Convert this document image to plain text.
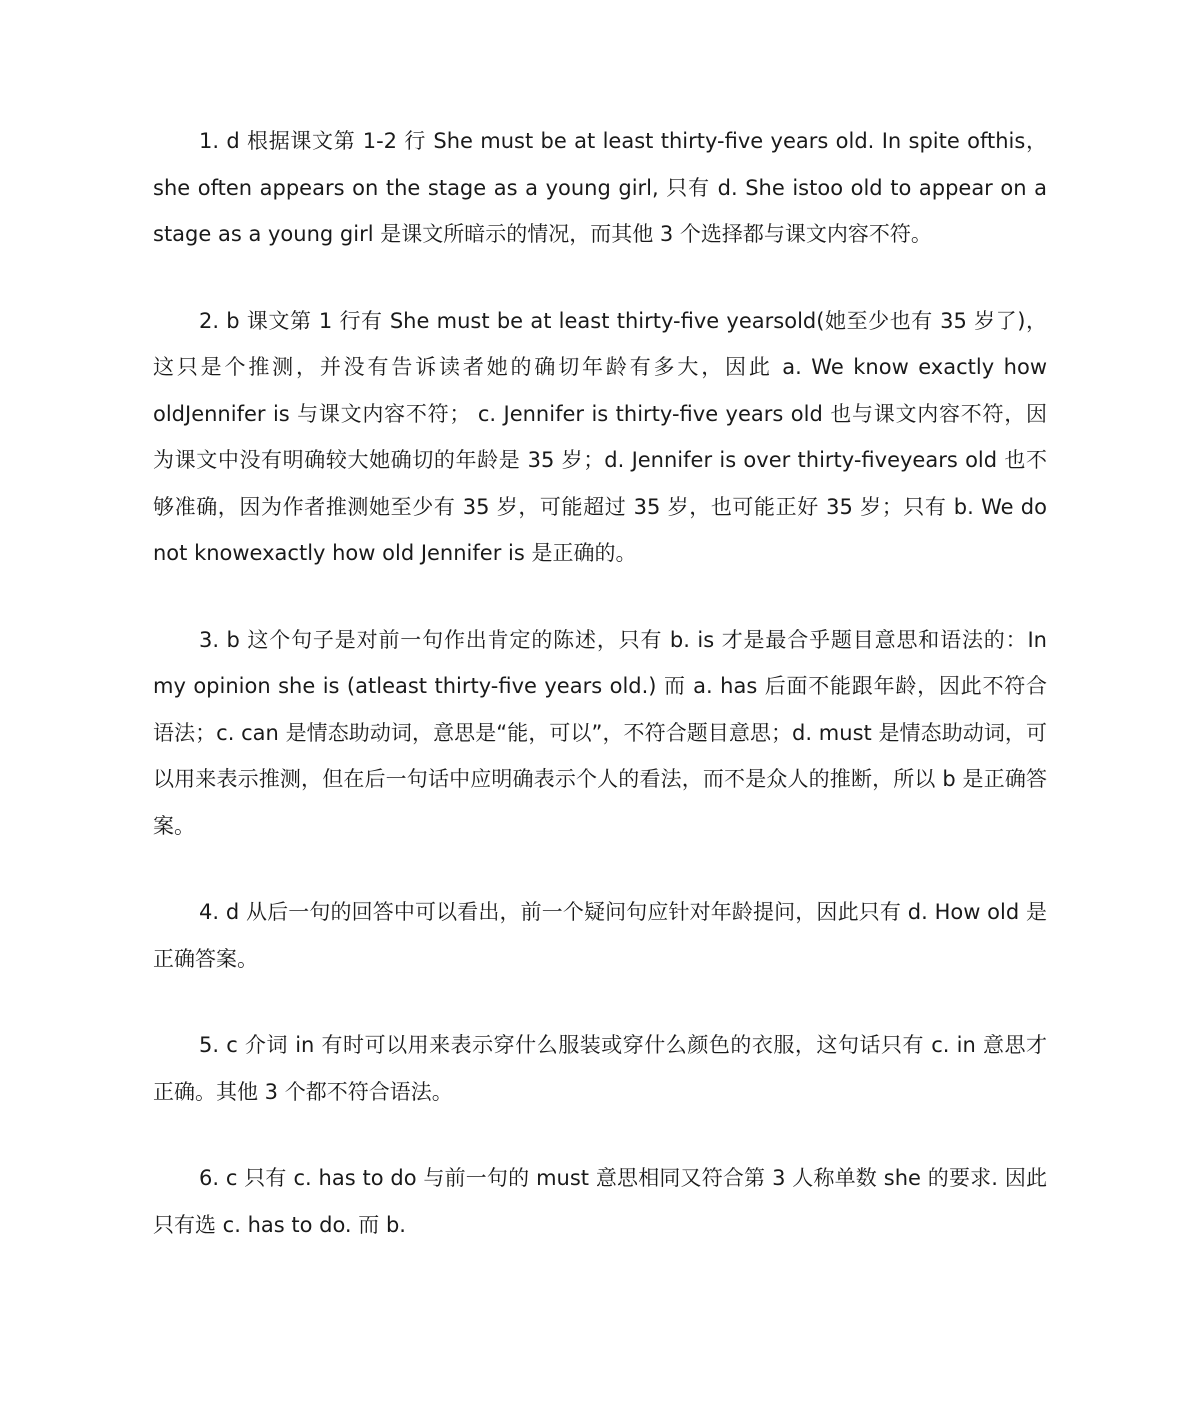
1. d 根据课文第 1-2 行 She must be at least thirty-five years old. In spite ofthis，she often appears on the stage as a young girl, 只有 d. She istoo old to appear on a stage as a young girl 是课文所暗示的情况，而其他 3 个选择都与课文内容不符。

2. b 课文第 1 行有 She must be at least thirty-five yearsold(她至少也有 35 岁了)，这只是个推测，并没有告诉读者她的确切年龄有多大，因此 a. We know exactly how oldJennifer is 与课文内容不符； c. Jennifer is thirty-five years old 也与课文内容不符，因为课文中没有明确较大她确切的年龄是 35 岁；d. Jennifer is over thirty-fiveyears old 也不够准确，因为作者推测她至少有 35 岁，可能超过 35 岁，也可能正好 35 岁；只有 b. We do not knowexactly how old Jennifer is 是正确的。

3. b 这个句子是对前一句作出肯定的陈述，只有 b. is 才是最合乎题目意思和语法的：In my opinion she is (atleast thirty-five years old.) 而 a. has 后面不能跟年龄，因此不符合语法；c. can 是情态助动词，意思是“能，可以”，不符合题目意思；d. must 是情态助动词，可以用来表示推测，但在后一句话中应明确表示个人的看法，而不是众人的推断，所以 b 是正确答案。

4. d 从后一句的回答中可以看出，前一个疑问句应针对年龄提问，因此只有 d. How old 是正确答案。

5. c 介词 in 有时可以用来表示穿什么服装或穿什么颜色的衣服，这句话只有 c. in 意思才正确。其他 3 个都不符合语法。

6. c 只有 c. has to do 与前一句的 must 意思相同又符合第 3 人称单数 she 的要求. 因此只有选 c. has to do. 而 b.
